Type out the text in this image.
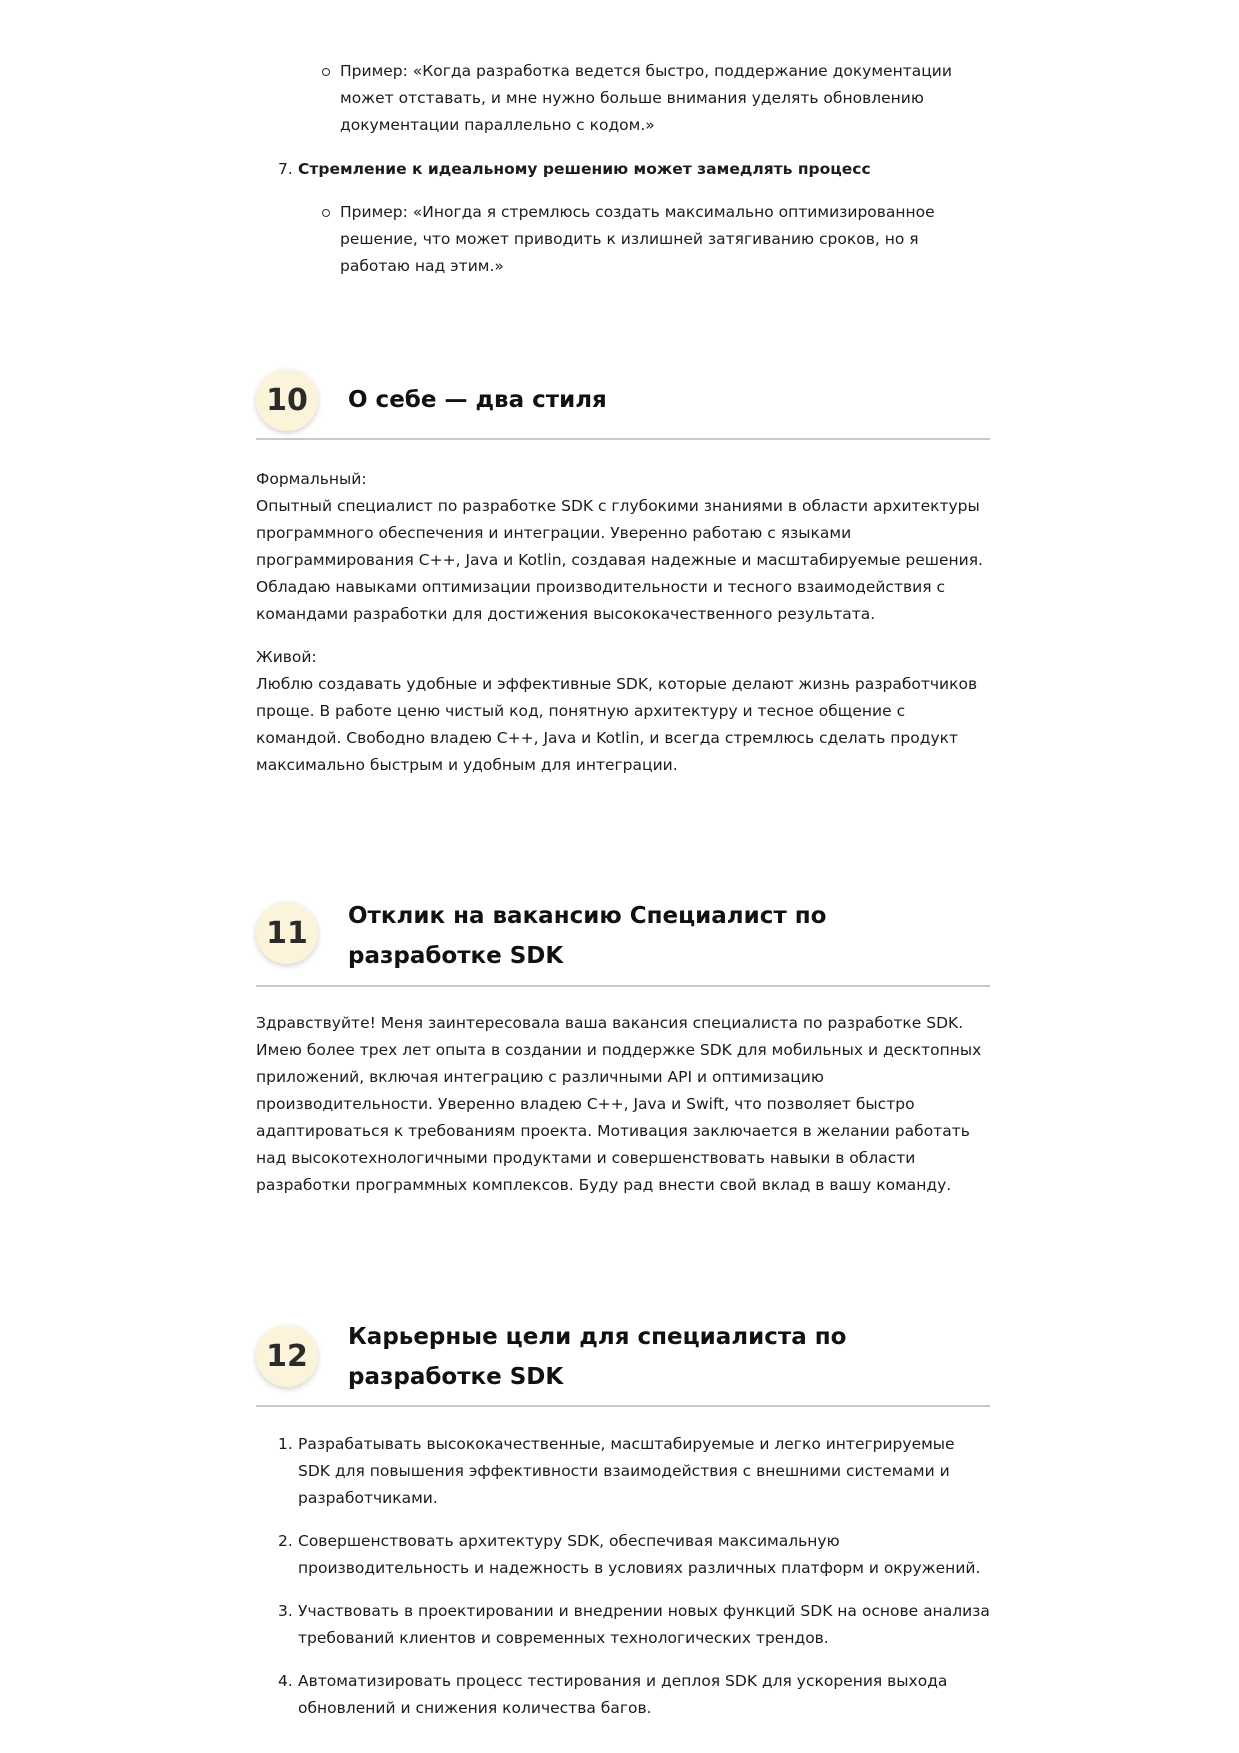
Пример: «Когда разработка ведется быстро, поддержание документации может отставать, и мне нужно больше внимания уделять обновлению документации параллельно с кодом.»
7. Стремление к идеальному решению может замедлять процесс
Пример: «Иногда я стремлюсь создать максимально оптимизированное решение, что может приводить к излишней затягиванию сроков, но я работаю над этим.»
10	О себе — два стиля

Формальный:

Опытный специалист по разработке SDK с глубокими знаниями в области архитектуры программного обеспечения и интеграции. Уверенно работаю с языками программирования C++, Java и Kotlin, создавая надежные и масштабируемые решения. Обладаю навыками оптимизации производительности и тесного взаимодействия с командами разработки для достижения высококачественного результата.

Живой:

Люблю создавать удобные и эффективные SDK, которые делают жизнь разработчиков проще. В работе ценю чистый код, понятную архитектуру и тесное общение с командой. Свободно владею C++, Java и Kotlin, и всегда стремлюсь сделать продукт максимально быстрым и удобным для интеграции.

11	Отклик на вакансию Специалист по разработке SDK

Здравствуйте! Меня заинтересовала ваша вакансия специалиста по разработке SDK. Имею более трех лет опыта в создании и поддержке SDK для мобильных и десктопных приложений, включая интеграцию с различными API и оптимизацию производительности. Уверенно владею C++, Java и Swift, что позволяет быстро адаптироваться к требованиям проекта. Мотивация заключается в желании работать над высокотехнологичными продуктами и совершенствовать навыки в области разработки программных комплексов. Буду рад внести свой вклад в вашу команду.

12
Карьерные цели для специалиста по разработке SDK
1. Разрабатывать высококачественные, масштабируемые и легко интегрируемые SDK для повышения эффективности взаимодействия с внешними системами и разработчиками.
2. Совершенствовать архитектуру SDK, обеспечивая максимальную производительность и надежность в условиях различных платформ и окружений.
3. Участвовать в проектировании и внедрении новых функций SDK на основе анализа требований клиентов и современных технологических трендов.
4. Автоматизировать процесс тестирования и деплоя SDK для ускорения выхода обновлений и снижения количества багов.
